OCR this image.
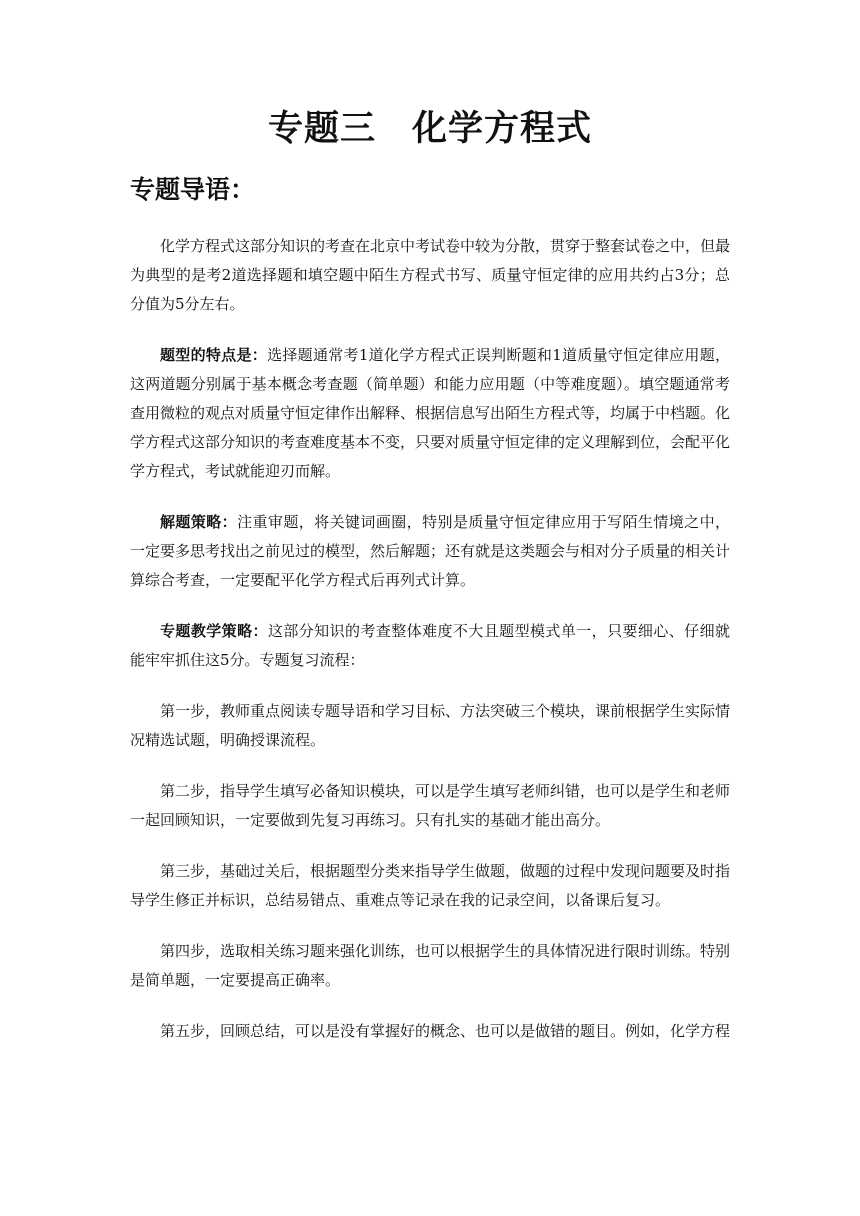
专题三　化学方程式
专题导语：

化学方程式这部分知识的考查在北京中考试卷中较为分散，贯穿于整套试卷之中，但最为典型的是考2道选择题和填空题中陌生方程式书写、质量守恒定律的应用共约占3分；总分值为5分左右。

题型的特点是：选择题通常考1道化学方程式正误判断题和1道质量守恒定律应用题，这两道题分别属于基本概念考查题（简单题）和能力应用题（中等难度题）。填空题通常考查用微粒的观点对质量守恒定律作出解释、根据信息写出陌生方程式等，均属于中档题。化学方程式这部分知识的考查难度基本不变，只要对质量守恒定律的定义理解到位，会配平化学方程式，考试就能迎刃而解。

解题策略：注重审题，将关键词画圈，特别是质量守恒定律应用于写陌生情境之中，一定要多思考找出之前见过的模型，然后解题；还有就是这类题会与相对分子质量的相关计算综合考查，一定要配平化学方程式后再列式计算。

专题教学策略：这部分知识的考查整体难度不大且题型模式单一，只要细心、仔细就能牢牢抓住这5分。专题复习流程：

第一步，教师重点阅读专题导语和学习目标、方法突破三个模块，课前根据学生实际情况精选试题，明确授课流程。

第二步，指导学生填写必备知识模块，可以是学生填写老师纠错，也可以是学生和老师一起回顾知识，一定要做到先复习再练习。只有扎实的基础才能出高分。

第三步，基础过关后，根据题型分类来指导学生做题，做题的过程中发现问题要及时指导学生修正并标识，总结易错点、重难点等记录在我的记录空间，以备课后复习。

第四步，选取相关练习题来强化训练，也可以根据学生的具体情况进行限时训练。特别是简单题，一定要提高正确率。

第五步，回顾总结，可以是没有掌握好的概念、也可以是做错的题目。例如，化学方程
